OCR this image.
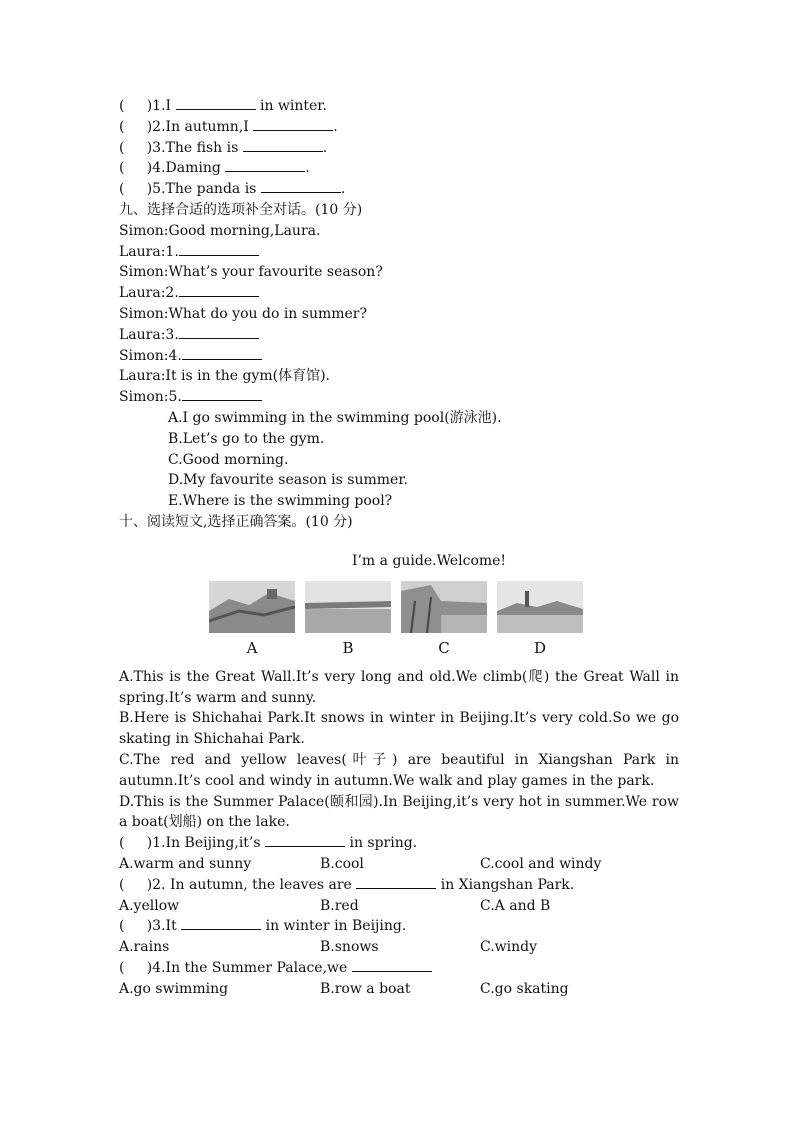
(     )1.I	in winter.
(     )2.In autumn,I	.
(     )3.The fish is	.
(     )4.Daming	.
(     )5.The panda is	.
九、选择合适的选项补全对话。(10 分)
Simon:Good morning,Laura.
Laura:1.
Simon:What’s your favourite season?
Laura:2.
Simon:What do you do in summer?
Laura:3.
Simon:4.
Laura:It is in the gym(体育馆).
Simon:5.
A.I go swimming in the swimming pool(游泳池).
B.Let’s go to the gym.
C.Good morning.
D.My favourite season is summer.
E.Where is the swimming pool?
十、阅读短文,选择正确答案。(10 分)
I’m a guide.Welcome!
A	B	C	D
A.This is the Great Wall.It’s very long and old.We climb(爬) the Great Wall in spring.It’s warm and sunny.
B.Here is Shichahai Park.It snows in winter in Beijing.It’s very cold.So we go skating in Shichahai Park.
C.The red and yellow leaves(叶子) are beautiful in Xiangshan Park in autumn.It’s cool and windy in autumn.We walk and play games in the park.
D.This is the Summer Palace(颐和园).In Beijing,it’s very hot in summer.We row a boat(划船) on the lake.
(     )1.In Beijing,it’s	in spring.
A.warm and sunny	B.cool	C.cool and windy
(     )2. In autumn, the leaves are	in Xiangshan Park.
A.yellow	B.red	C.A and B
(     )3.It	in winter in Beijing.
A.rains	B.snows	C.windy
(     )4.In the Summer Palace,we
A.go swimming	B.row a boat	C.go skating
